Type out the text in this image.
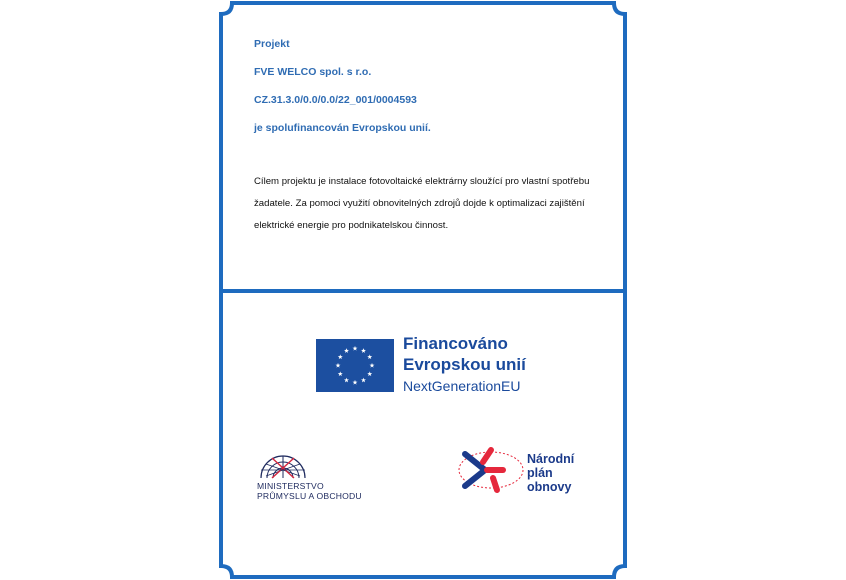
Projekt
FVE WELCO spol. s r.o.
CZ.31.3.0/0.0/0.0/22_001/0004593
je spolufinancován Evropskou unií.
Cílem projektu je instalace fotovoltaické elektrárny sloužící pro vlastní spotřebu
žadatele. Za pomoci využití obnovitelných zdrojů dojde k optimalizaci zajištění
elektrické energie pro podnikatelskou činnost.
Financováno
Evropskou unií
NextGenerationEU
MINISTERSTVO
PRŮMYSLU A OBCHODU
Národní
plán
obnovy
